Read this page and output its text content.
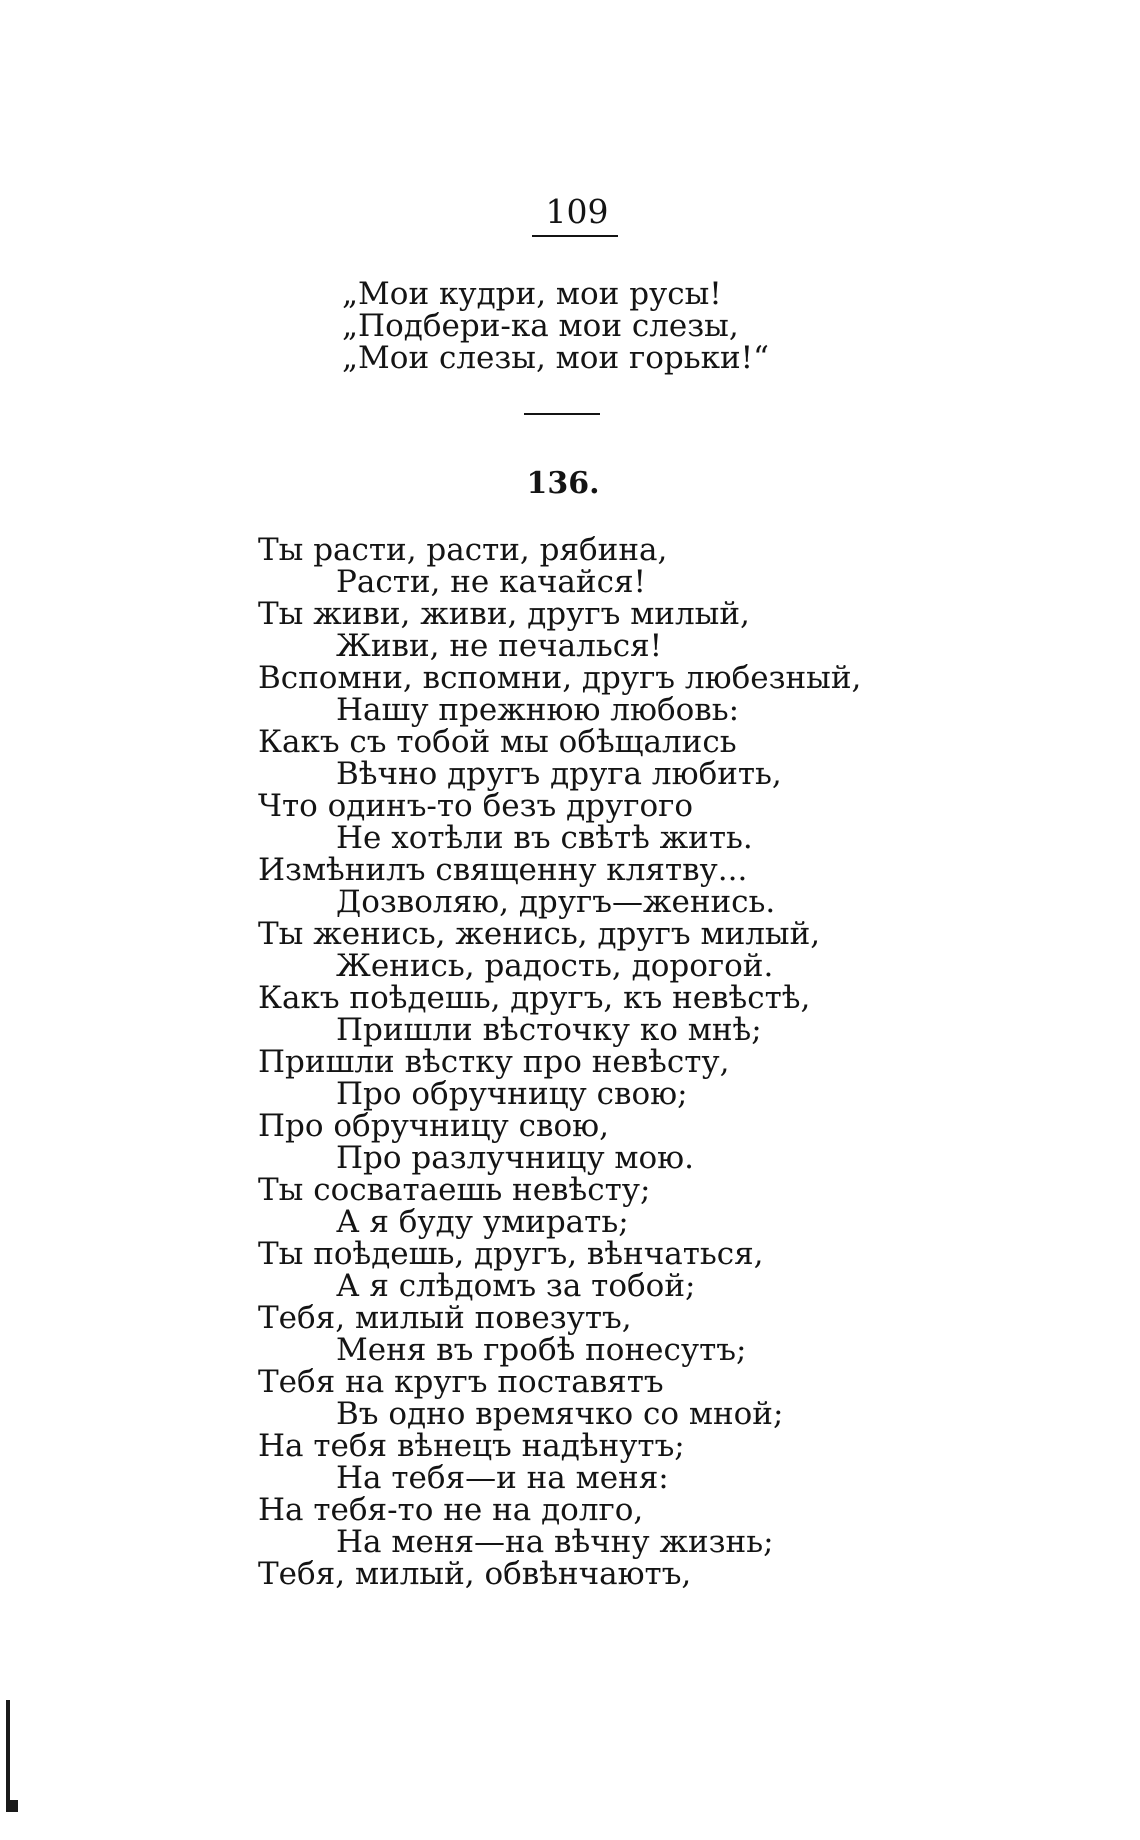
109
„Мои кудри, мои русы!
„Подбери-ка мои слезы,
„Мои слезы, мои горьки!“
136.
Ты расти, расти, рябина,
Расти, не качайся!
Ты живи, живи, другъ милый,
Живи, не печалься!
Вспомни, вспомни, другъ любезный,
Нашу прежнюю любовь:
Какъ съ тобой мы обѣщались
Вѣчно другъ друга любить,
Что одинъ-то безъ другого
Не хотѣли въ свѣтѣ жить.
Измѣнилъ священну клятву...
Дозволяю, другъ—женись.
Ты женись, женись, другъ милый,
Женись, радость, дорогой.
Какъ поѣдешь, другъ, къ невѣстѣ,
Пришли вѣсточку ко мнѣ;
Пришли вѣстку про невѣсту,
Про обручницу свою;
Про обручницу свою,
Про разлучницу мою.
Ты сосватаешь невѣсту;
А я буду умирать;
Ты поѣдешь, другъ, вѣнчаться,
А я слѣдомъ за тобой;
Тебя, милый повезутъ,
Меня въ гробѣ понесутъ;
Тебя на кругъ поставятъ
Въ одно времячко со мной;
На тебя вѣнецъ надѣнутъ;
На тебя—и на меня:
На тебя-то не на долго,
На меня—на вѣчну жизнь;
Тебя, милый, обвѣнчаютъ,
